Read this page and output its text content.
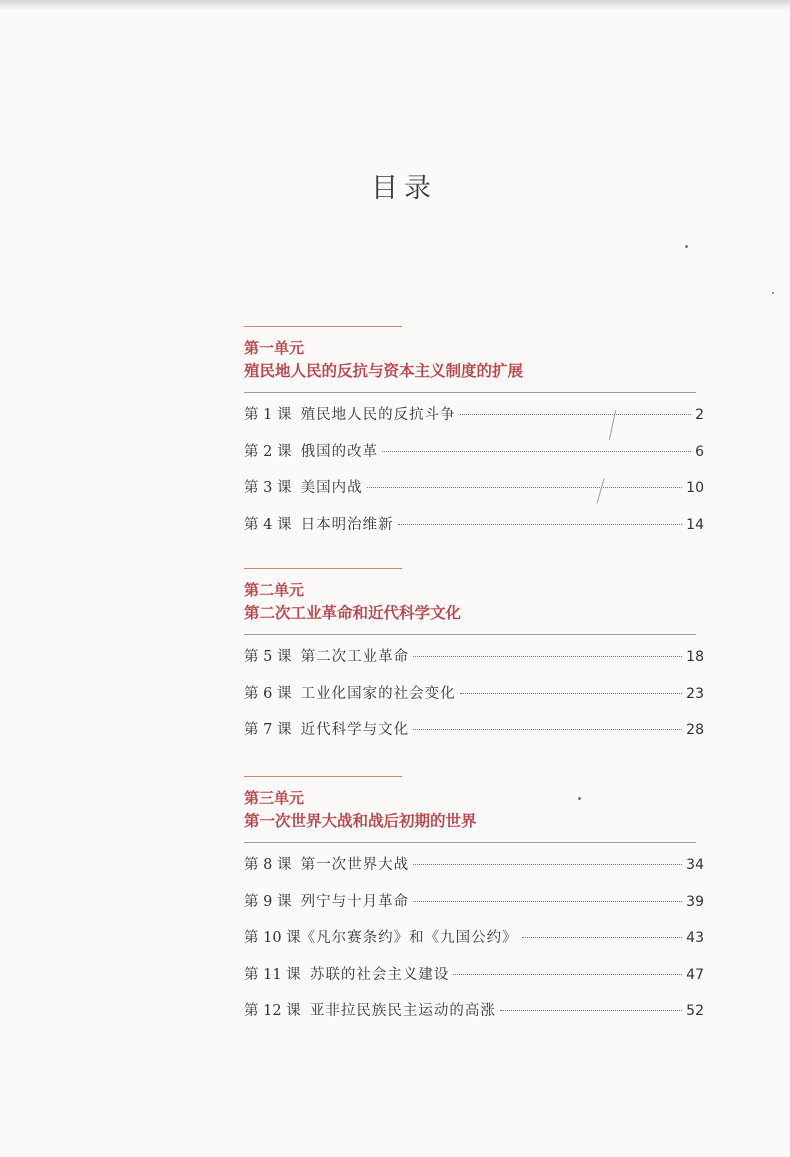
目录
第一单元
殖民地人民的反抗与资本主义制度的扩展
第 1 课 殖民地人民的反抗斗争	2
第 2 课 俄国的改革	6
第 3 课 美国内战	10
第 4 课 日本明治维新	14
第二单元
第二次工业革命和近代科学文化
第 5 课 第二次工业革命	18
第 6 课 工业化国家的社会变化	23
第 7 课 近代科学与文化	28
第三单元
第一次世界大战和战后初期的世界
第 8 课 第一次世界大战	34
第 9 课 列宁与十月革命	39
第 10 课 《凡尔赛条约》和《九国公约》	43
第 11 课 苏联的社会主义建设	47
第 12 课 亚非拉民族民主运动的高涨	52
